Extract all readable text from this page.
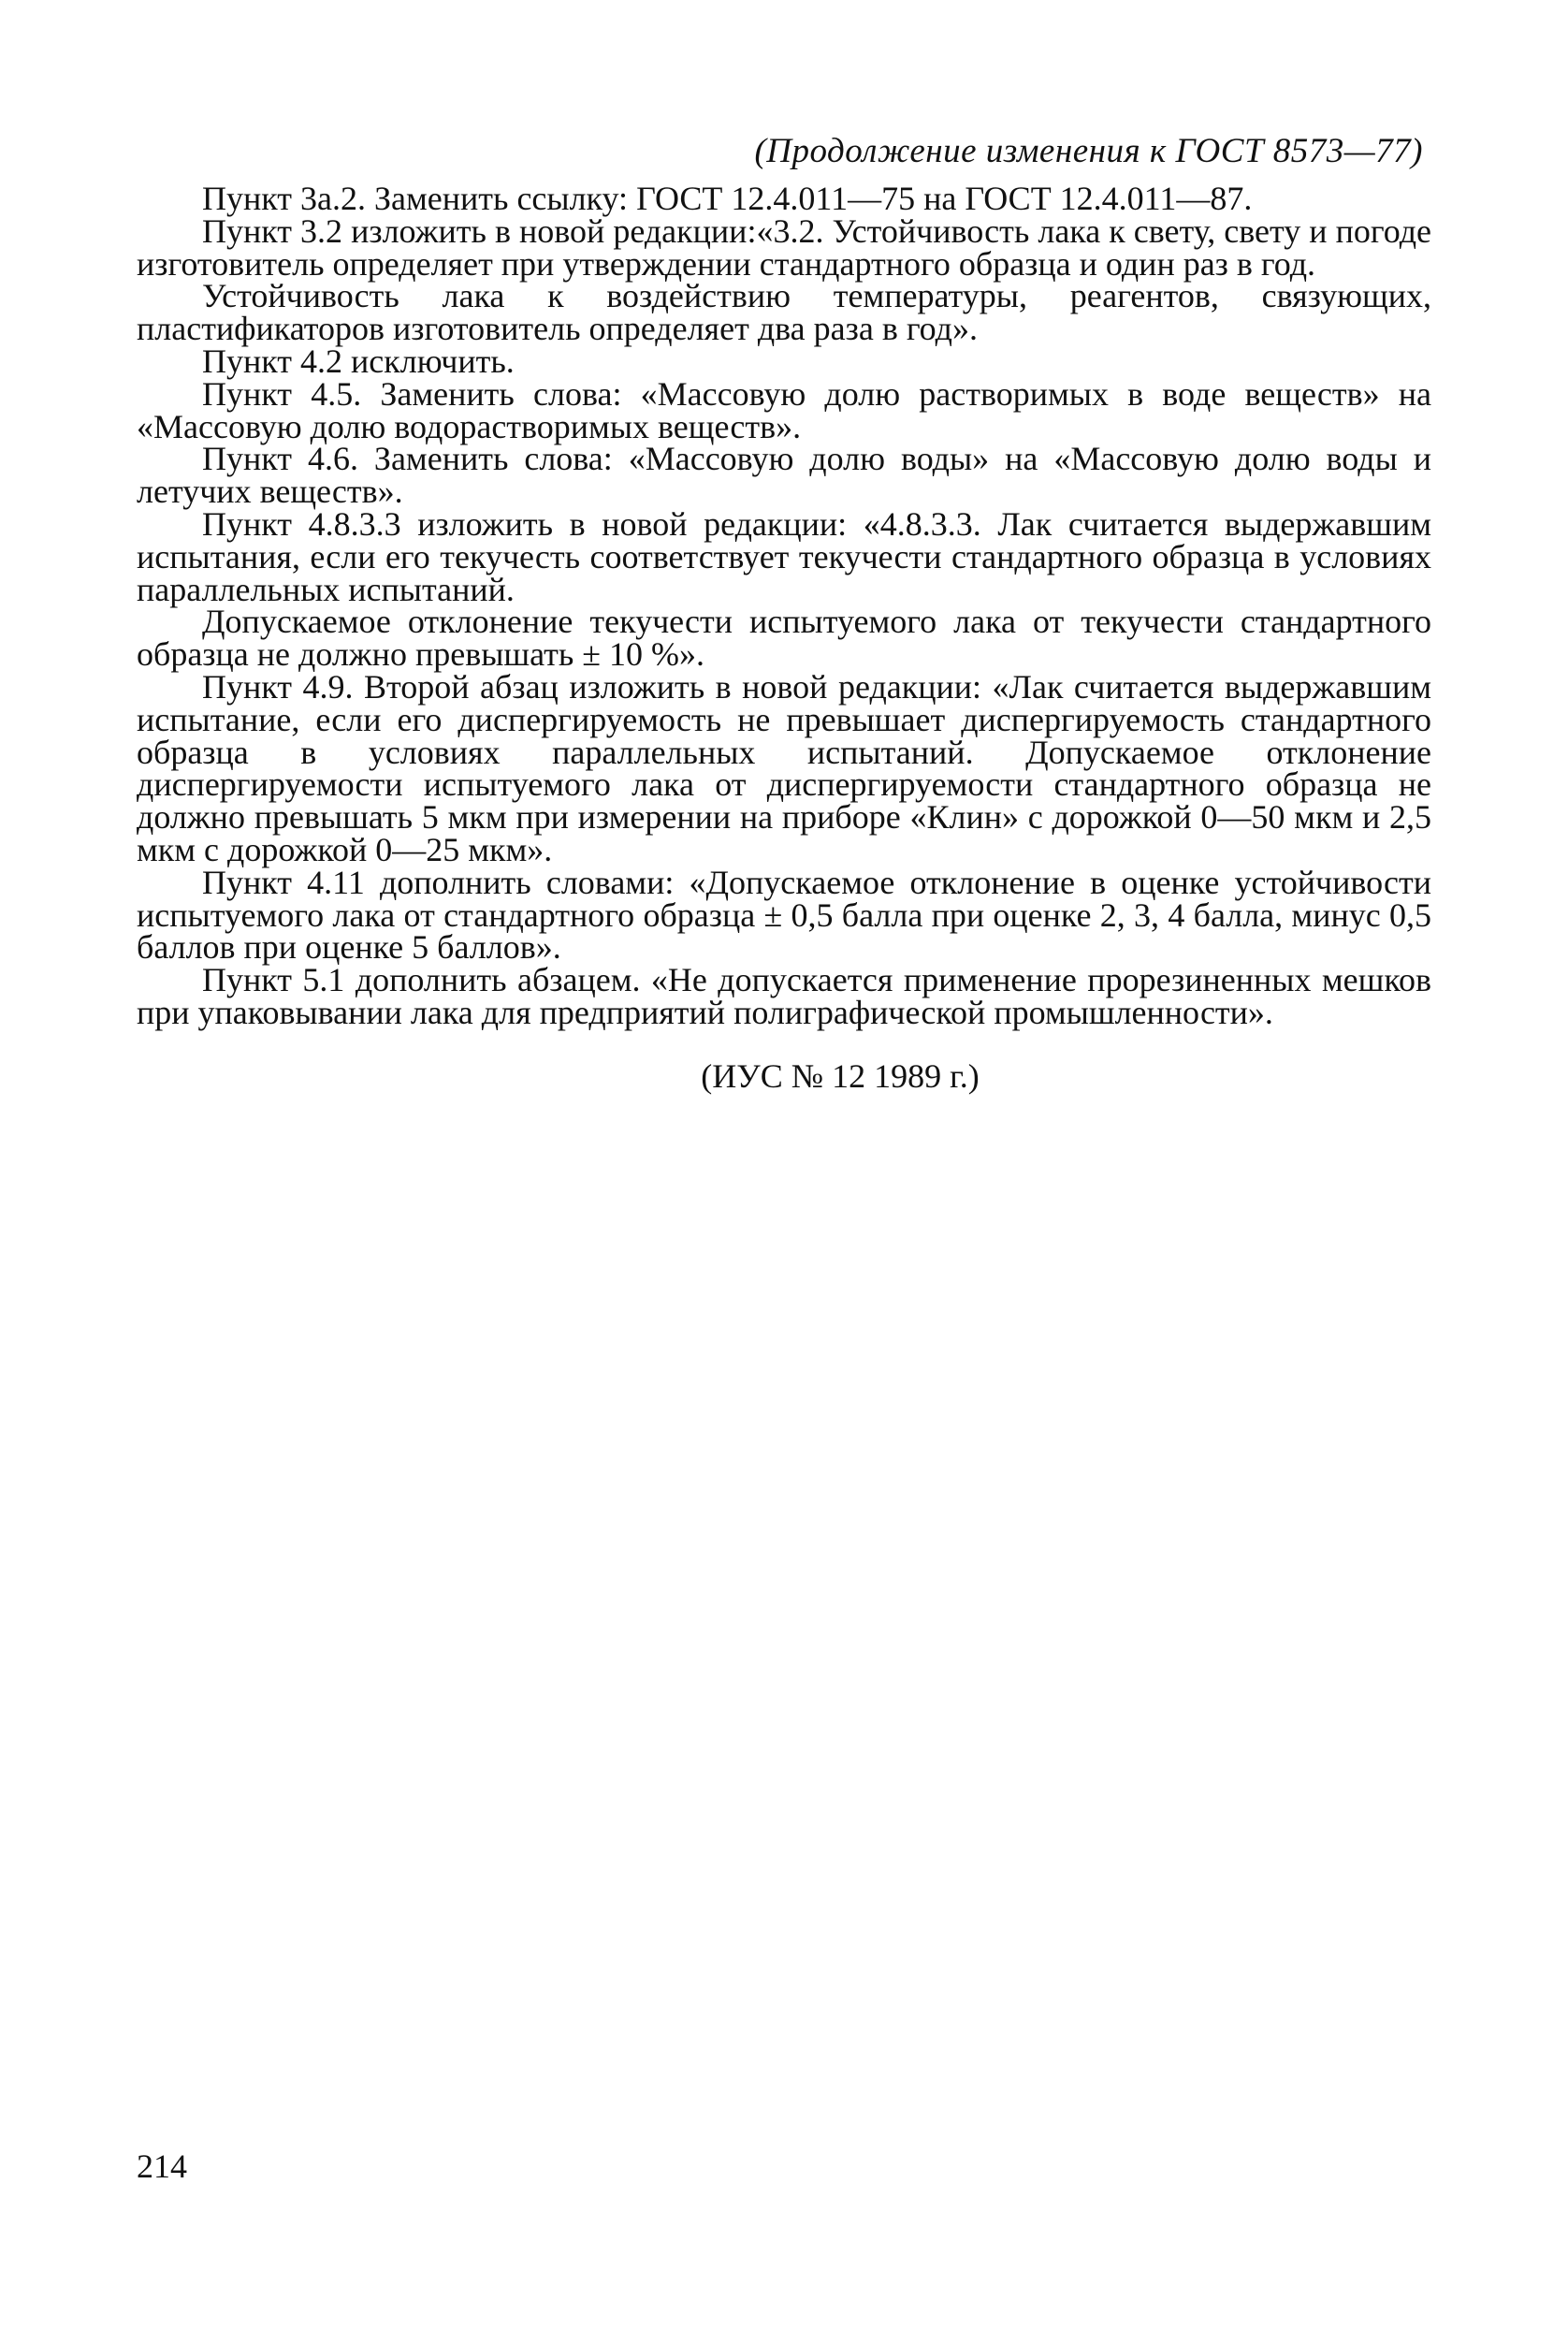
(Продолжение изменения к ГОСТ 8573—77)

Пункт 3а.2. Заменить ссылку: ГОСТ 12.4.011—75 на ГОСТ 12.4.011—87.

Пункт 3.2 изложить в новой редакции:«3.2. Устойчивость лака к свету, свету и погоде изготовитель определяет при утверждении стандартного образца и один раз в год.

Устойчивость лака к воздействию температуры, реагентов, связующих, пластификаторов изготовитель определяет два раза в год».

Пункт 4.2 исключить.

Пункт 4.5. Заменить слова: «Массовую долю растворимых в воде веществ» на «Массовую долю водорастворимых веществ».

Пункт 4.6. Заменить слова: «Массовую долю воды» на «Массовую долю воды и летучих веществ».

Пункт 4.8.3.3 изложить в новой редакции: «4.8.3.3. Лак считается выдержавшим испытания, если его текучесть соответствует текучести стандартного образца в условиях параллельных испытаний.

Допускаемое отклонение текучести испытуемого лака от текучести стандартного образца не должно превышать ± 10 %».

Пункт 4.9. Второй абзац изложить в новой редакции: «Лак считается выдержавшим испытание, если его диспергируемость не превышает диспергируемость стандартного образца в условиях параллельных испытаний. Допускаемое отклонение диспергируемости испытуемого лака от диспергируемости стандартного образца не должно превышать 5 мкм при измерении на приборе «Клин» с дорожкой 0—50 мкм и 2,5 мкм с дорожкой 0—25 мкм».

Пункт 4.11 дополнить словами: «Допускаемое отклонение в оценке устойчивости испытуемого лака от стандартного образца ± 0,5 балла при оценке 2, 3, 4 балла, минус 0,5 баллов при оценке 5 баллов».

Пункт 5.1 дополнить абзацем. «Не допускается применение прорезиненных мешков при упаковывании лака для предприятий полиграфической промышленности».

(ИУС № 12 1989 г.)

214
